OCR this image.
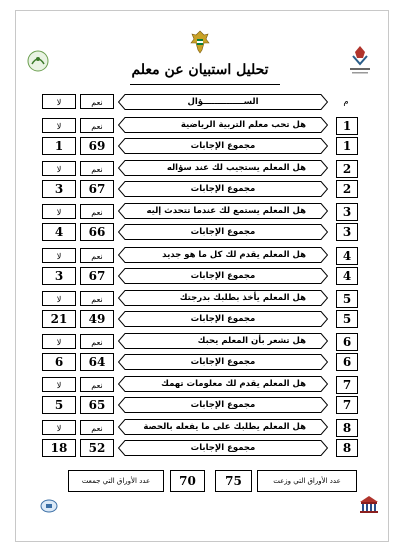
تحليل استبيان عن معلم
لا	نعم	الســــــــــــــؤال	م
لا	نعم	هل تحب معلم التربية الرياضية	1
1	69	مجموع الإجابات	1
لا	نعم	هل المعلم يستجيب لك عند سؤاله	2
3	67	مجموع الإجابات	2
لا	نعم	هل المعلم يستمع لك عندما تتحدث إليه	3
4	66	مجموع الإجابات	3
لا	نعم	هل المعلم يقدم لك كل ما هو جديد	4
3	67	مجموع الإجابات	4
لا	نعم	هل المعلم يأخذ بطلبك بدرجتك	5
21	49	مجموع الإجابات	5
لا	نعم	هل تشعر بأن المعلم يحبك	6
6	64	مجموع الإجابات	6
لا	نعم	هل المعلم يقدم لك معلومات تهمك	7
5	65	مجموع الإجابات	7
لا	نعم	هل المعلم يطلبك على ما يفعله بالحصة	8
18	52	مجموع الإجابات	8
عدد الأوراق التي وزعت
75
70
عدد الأوراق التي جمعت
